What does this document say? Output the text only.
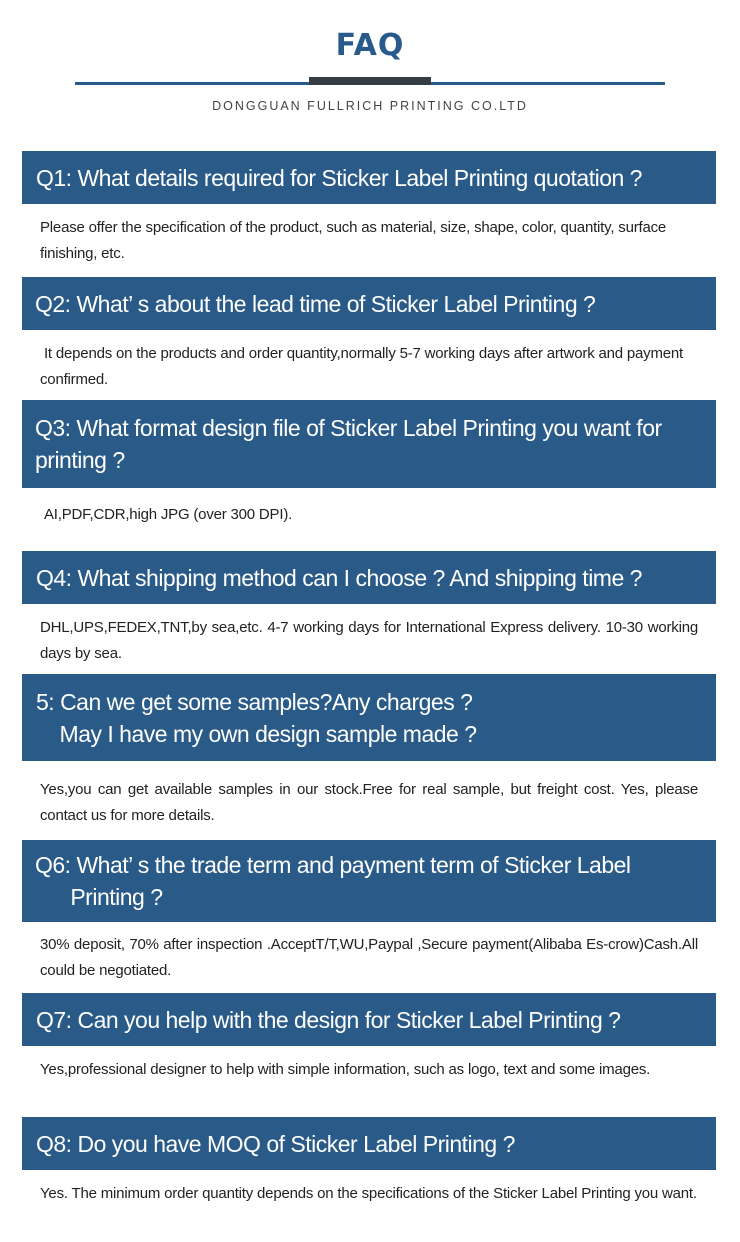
FAQ
DONGGUAN FULLRICH PRINTING CO.LTD
Q1: What details required for Sticker Label Printing quotation ?
Please offer the specification of the product, such as material, size, shape, color, quantity, surface finishing, etc.
Q2: What’ s about the lead time of Sticker Label Printing ?
It depends on the products and order quantity,normally 5-7 working days after artwork and payment confirmed.
Q3: What format design file of Sticker Label Printing you want for
printing ?
AI,PDF,CDR,high JPG (over 300 DPI).
Q4: What shipping method can I choose ? And shipping time ?
DHL,UPS,FEDEX,TNT,by sea,etc. 4-7 working days for International Express delivery. 10-30 working days by sea.
5: Can we get some samples?Any charges ?
May I have my own design sample made ?
Yes,you can get available samples in our stock.Free for real sample, but freight cost. Yes, please contact us for more details.
Q6: What’ s the trade term and payment term of Sticker Label
Printing ?
30% deposit, 70% after inspection .AcceptT/T,WU,Paypal ,Secure payment(Alibaba Es-crow)Cash.All could be negotiated.
Q7: Can you help with the design for Sticker Label Printing ?
Yes,professional designer to help with simple information, such as logo, text and some images.
Q8: Do you have MOQ of Sticker Label Printing ?
Yes. The minimum order quantity depends on the specifications of the Sticker Label Printing you want.
